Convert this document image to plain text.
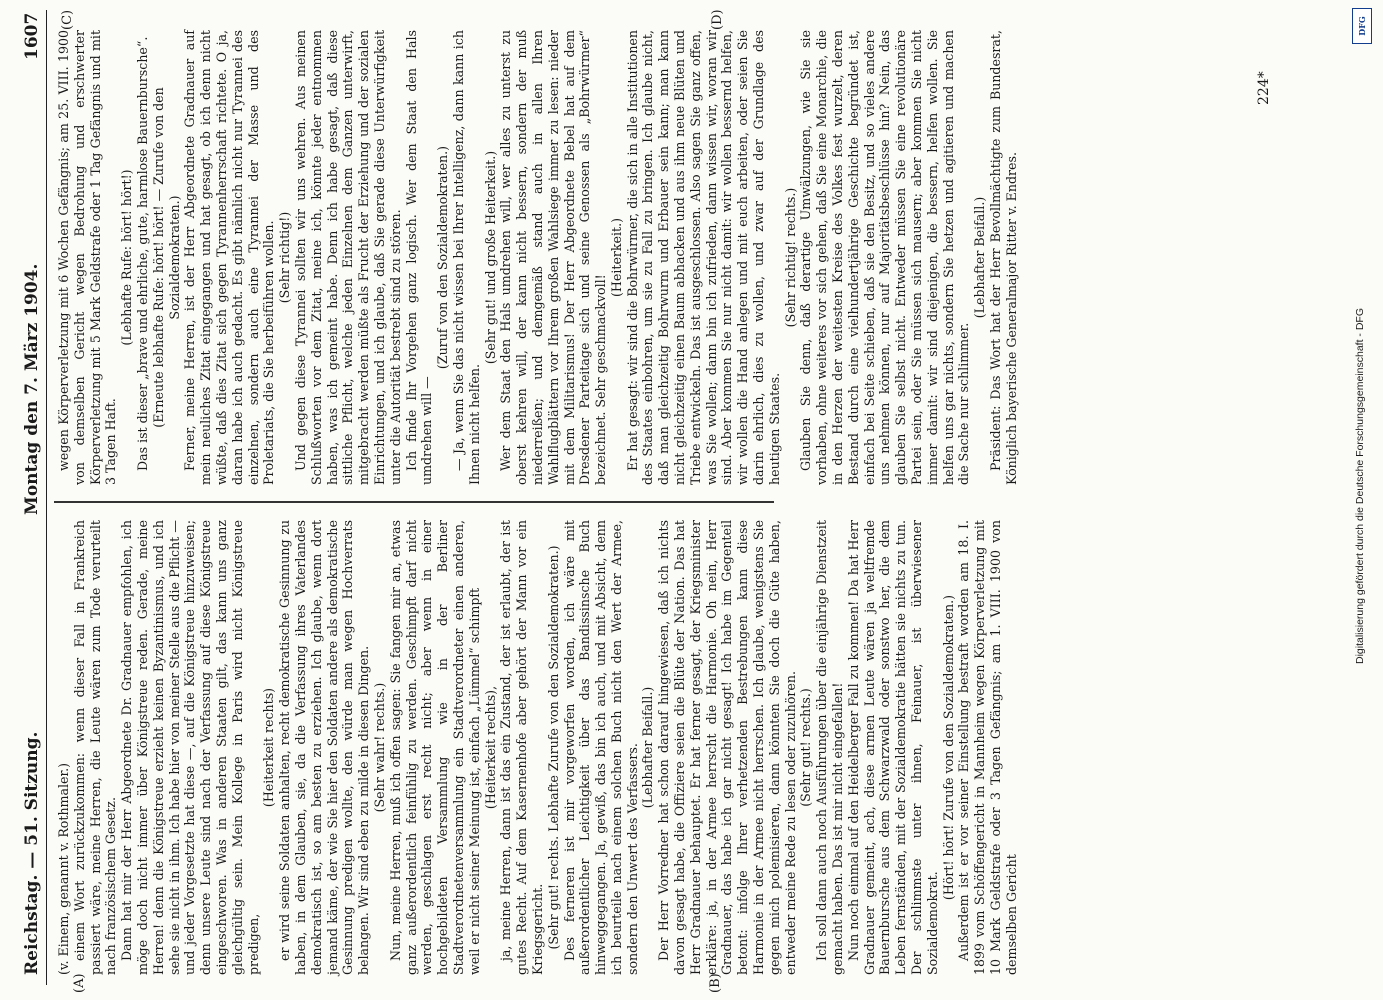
Reichstag. — 51. Sitzung.
Montag den 7. März 1904.
1607

(v. Einem, genannt v. Rothmaler.) einem Wort zurückzukommen: wenn dieser Fall in Frankreich passiert wäre, meine Herren, die Leute wären zum Tode verurteilt nach französischem Gesetz. Dann hat mir der Herr Abgeordnete Dr. Gradnauer empfohlen, ich möge doch nicht immer über Königstreue reden. Gerade, meine Herren! denn die Königstreue erzieht keinen Byzantinismus, und ich sehe sie nicht in ihm. Ich habe hier von meiner Stelle aus die Pflicht — und jeder Vorgesetzte hat diese —, auf die Königstreue hinzuweisen; denn unsere Leute sind nach der Verfassung auf diese Königstreue eingeschworen. Was in anderen Staaten gilt, das kann uns ganz gleichgültig sein. Mein Kollege in Paris wird nicht Königstreue predigen,

(Heiterkeit rechts) er wird seine Soldaten anhalten, recht demokratische Gesinnung zu haben, in dem Glauben, sie, da die Verfassung ihres Vaterlandes demokratisch ist, so am besten zu erziehen. Ich glaube, wenn dort jemand käme, der wie Sie hier den Soldaten andere als demokratische Gesinnung predigen wollte, den würde man wegen Hochverrats belangen. Wir sind eben zu milde in diesen Dingen. (Sehr wahr! rechts.) Nun, meine Herren, muß ich offen sagen: Sie fangen mir an, etwas ganz außerordentlich feinfühlig zu werden. Geschimpft darf nicht werden, geschlagen erst recht nicht; aber wenn in einer hochgebildeten Versammlung wie in der Berliner Stadtverordnetenversammlung ein Stadtverordneter einen anderen, weil er nicht seiner Meinung ist, einfach „Lümmel“ schimpft (Heiterkeit rechts), ja, meine Herren, dann ist das ein Zustand, der ist erlaubt, der ist gutes Recht. Auf dem Kasernenhofe aber gehört der Mann vor ein Kriegsgericht. (Sehr gut! rechts. Lebhafte Zurufe von den Sozialdemokraten.) Des ferneren ist mir vorgeworfen worden, ich wäre mit außerordentlicher Leichtigkeit über das Bandissinsche Buch hinweggegangen. Ja, gewiß, das bin ich auch, und mit Absicht, denn ich beurteile nach einem solchen Buch nicht den Wert der Armee, sondern den Unwert des Verfassers. (Lebhafter Beifall.) Der Herr Vorredner hat schon darauf hingewiesen, daß ich nichts davon gesagt habe, die Offiziere seien die Blüte der Nation. Das hat Herr Gradnauer behauptet. Er hat ferner gesagt, der Kriegsminister erkläre: ja, in der Armee herrscht die Harmonie. Oh nein, Herr Gradnauer, das habe ich gar nicht gesagt! Ich habe im Gegenteil betont: infolge Ihrer verhetzenden Bestrebungen kann diese Harmonie in der Armee nicht herrschen. Ich glaube, wenigstens Sie gegen mich polemisieren, dann könnten Sie doch die Güte haben, entweder meine Rede zu lesen oder zuzuhören. (Sehr gut! rechts.) Ich soll dann auch noch Ausführungen über die einjährige Dienstzeit gemacht haben. Das ist mir nicht eingefallen! Nun noch einmal auf den Heidelberger Fall zu kommen! Da hat Herr Gradnauer gemeint, ach, diese armen Leute wären ja weltfremde Bauernbursche aus dem Schwarzwald oder sonstwo her, die dem Leben fernständen, mit der Sozialdemokratie hätten sie nichts zu tun. Der schlimmste unter ihnen, Feinauer, ist überwiesener Sozialdemokrat.

(Hört! hört! Zurufe von den Sozialdemokraten.) Außerdem ist er vor seiner Einstellung bestraft worden am 18. I. 1899 vom Schöffengericht in Mannheim wegen Körperverletzung mit 10 Mark Geldstrafe oder 3 Tagen Gefängnis; am 1. VIII. 1900 von demselben Gericht

wegen Körperverletzung mit 6 Wochen Gefängnis; am 25. VIII. 1900 von demselben Gericht wegen Bedrohung und erschwerter Körperverletzung mit 5 Mark Geldstrafe oder 1 Tag Gefängnis und mit 3 Tagen Haft.

(Lebhafte Rufe: hört! hört!) Das ist dieser „brave und ehrliche, gute, harmlose Bauernbursche“. (Erneute lebhafte Rufe: hört! hört! — Zurufe von den Sozialdemokraten.) Ferner, meine Herren, ist der Herr Abgeordnete Gradnauer auf mein neuliches Zitat eingegangen und hat gesagt, ob ich denn nicht wüßte, daß dies Zitat sich gegen Tyrannenherrschaft richtete. O ja, daran habe ich auch gedacht. Es gibt nämlich nicht nur Tyrannei des einzelnen, sondern auch eine Tyrannei der Masse und des Proletariats, die Sie herbeiführen wollen. (Sehr richtig!) Und gegen diese Tyrannei sollten wir uns wehren. Aus meinen Schlußworten vor dem Zitat, meine ich, könnte jeder entnommen haben, was ich gemeint habe. Denn ich habe gesagt, daß diese sittliche Pflicht, welche jeden Einzelnen dem Ganzen unterwirft, mitgebracht werden müßte als Frucht der Erziehung und der sozialen Einrichtungen, und ich glaube, daß Sie gerade diese Unterwürfigkeit unter die Autorität bestrebt sind zu stören. Ich finde Ihr Vorgehen ganz logisch. Wer dem Staat den Hals umdrehen will —

(Zuruf von den Sozialdemokraten.) — Ja, wenn Sie das nicht wissen bei Ihrer Intelligenz, dann kann ich Ihnen nicht helfen.

(Sehr gut! und große Heiterkeit.) Wer dem Staat den Hals umdrehen will, wer alles zu unterst zu oberst kehren will, der kann nicht bessern, sondern der muß niederreißen; und demgemäß stand auch in allen Ihren Wahlflugblättern vor Ihrem großen Wahlsiege immer zu lesen: nieder mit dem Militarismus! Der Herr Abgeordnete Bebel hat auf dem Dresdener Parteitage sich und seine Genossen als „Bohrwürmer“ bezeichnet. Sehr geschmackvoll!

(Heiterkeit.) Er hat gesagt: wir sind die Bohrwürmer, die sich in alle Institutionen des Staates einbohren, um sie zu Fall zu bringen. Ich glaube nicht, daß man gleichzeitig Bohrwurm und Erbauer sein kann; man kann nicht gleichzeitig einen Baum abhacken und aus ihm neue Blüten und Triebe entwickeln. Das ist ausgeschlossen. Also sagen Sie ganz offen, was Sie wollen; dann bin ich zufrieden, dann wissen wir, woran wir sind. Aber kommen Sie nur nicht damit: wir wollen bessernd helfen, wir wollen die Hand anlegen und mit euch arbeiten, oder seien Sie darin ehrlich, dies zu wollen, und zwar auf der Grundlage des heutigen Staates.

(Sehr richtig! rechts.) Glauben Sie denn, daß derartige Umwälzungen, wie Sie sie vorhaben, ohne weiteres vor sich gehen, daß Sie eine Monarchie, die in den Herzen der weitesten Kreise des Volkes fest wurzelt, deren Bestand durch eine vielhundertjährige Geschichte begründet ist, einfach bei Seite schieben, daß sie den Besitz, und so vieles andere uns nehmen können, nur auf Majoritätsbeschlüsse hin? Nein, das glauben Sie selbst nicht. Entweder müssen Sie eine revolutionäre Partei sein, oder Sie müssen sich mausern; aber kommen Sie nicht immer damit: wir sind diejenigen, die bessern, helfen wollen. Sie helfen uns gar nichts, sondern Sie hetzen und agitieren und machen die Sache nur schlimmer.

(Lebhafter Beifall.) Präsident: Das Wort hat der Herr Bevollmächtigte zum Bundesrat, Königlich bayerische Generalmajor Ritter v. Endres.

(A)	(B)
(C)	(D)
224*
DFG
Digitalisierung gefördert durch die Deutsche Forschungsgemeinschaft - DFG
